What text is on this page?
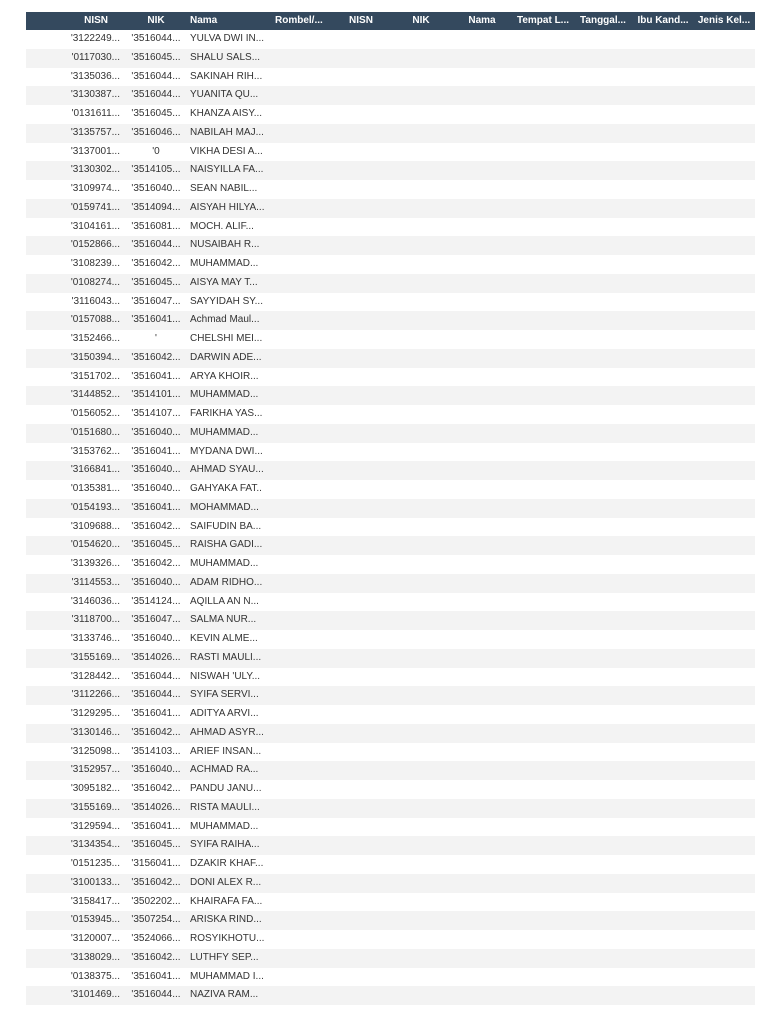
NISN	NIK	Nama	Rombel/...	NISN	NIK	Nama	Tempat L...	Tanggal...	Ibu Kand... Jenis Kel...
'3122249...	'3516044... YULVA DWI IN...
'0117030...	'3516045... SHALU SALS...
'3135036...	'3516044... SAKINAH RIH...
'3130387...	'3516044... YUANITA QU...
'0131611...	'3516045... KHANZA AISY...
'3135757...	'3516046... NABILAH MAJ...
'3137001...	'0	VIKHA DESI A...
'3130302...	'3514105... NAISYILLA FA...
'3109974...	'3516040... SEAN NABIL...
'0159741...	'3514094... AISYAH HILYA...
'3104161...	'3516081... MOCH. ALIF...
'0152866...	'3516044... NUSAIBAH R...
'3108239...	'3516042... MUHAMMAD...
'0108274...	'3516045... AISYA MAY T...
'3116043...	'3516047... SAYYIDAH SY...
'0157088...	'3516041... Achmad Maul...
'3152466...	'	CHELSHI MEI...
'3150394...	'3516042... DARWIN ADE...
'3151702...	'3516041... ARYA KHOIR...
'3144852...	'3514101... MUHAMMAD...
'0156052...	'3514107... FARIKHA YAS...
'0151680...	'3516040... MUHAMMAD...
'3153762...	'3516041... MYDANA DWI...
'3166841...	'3516040... AHMAD SYAU...
'0135381...	'3516040... GAHYAKA FAT..
'0154193...	'3516041... MOHAMMAD...
'3109688...	'3516042... SAIFUDIN BA...
'0154620...	'3516045... RAISHA GADI...
'3139326...	'3516042... MUHAMMAD...
'3114553...	'3516040... ADAM RIDHO...
'3146036...	'3514124... AQILLA AN N...
'3118700...	'3516047... SALMA NUR...
'3133746...	'3516040... KEVIN ALME...
'3155169...	'3514026... RASTI MAULI...
'3128442...	'3516044... NISWAH 'ULY...
'3112266...	'3516044... SYIFA SERVI...
'3129295...	'3516041... ADITYA ARVI...
'3130146...	'3516042... AHMAD ASYR...
'3125098...	'3514103... ARIEF INSAN...
'3152957...	'3516040... ACHMAD RA...
'3095182...	'3516042... PANDU JANU...
'3155169...	'3514026... RISTA MAULI...
'3129594...	'3516041... MUHAMMAD...
'3134354...	'3516045... SYIFA RAIHA...
'0151235...	'3156041... DZAKIR KHAF...
'3100133...	'3516042... DONI ALEX R...
'3158417...	'3502202... KHAIRAFA FA...
'0153945...	'3507254... ARISKA RIND...
'3120007...	'3524066... ROSYIKHOTU...
'3138029...	'3516042... LUTHFY SEP...
'0138375...	'3516041... MUHAMMAD I...
'3101469...	'3516044... NAZIVA RAM...
